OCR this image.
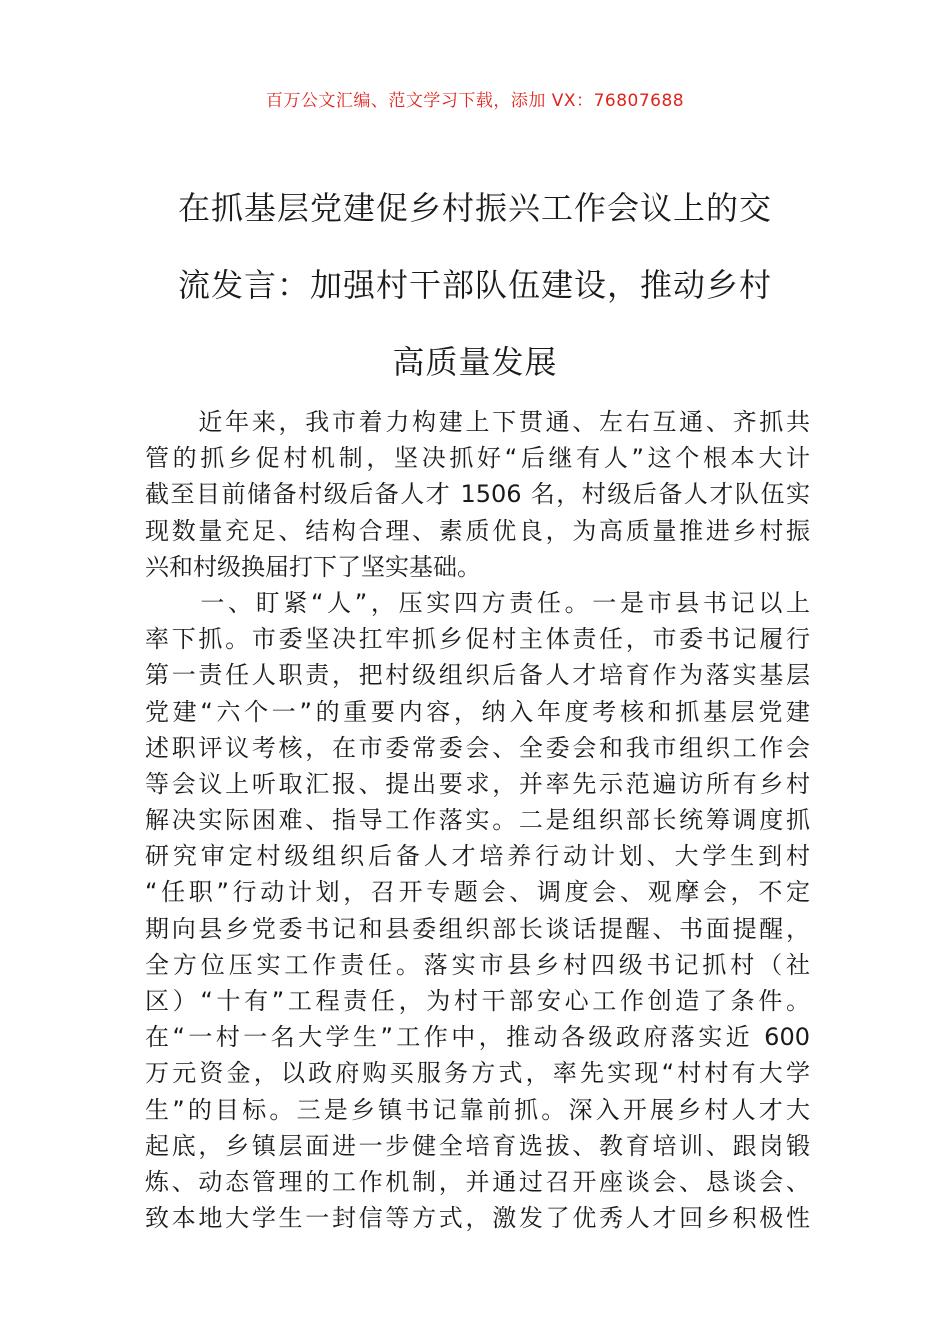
百万公文汇编、范文学习下载，添加 VX：76807688
在抓基层党建促乡村振兴工作会议上的交
流发言：加强村干部队伍建设，推动乡村
高质量发展
　　近年来，我市着力构建上下贯通、左右互通、齐抓共
管的抓乡促村机制，坚决抓好“后继有人”这个根本大计
截至目前储备村级后备人才 1506 名，村级后备人才队伍实
现数量充足、结构合理、素质优良，为高质量推进乡村振
兴和村级换届打下了坚实基础。
　　一、盯紧“人”，压实四方责任。一是市县书记以上
率下抓。市委坚决扛牢抓乡促村主体责任，市委书记履行
第一责任人职责，把村级组织后备人才培育作为落实基层
党建“六个一”的重要内容，纳入年度考核和抓基层党建
述职评议考核，在市委常委会、全委会和我市组织工作会
等会议上听取汇报、提出要求，并率先示范遍访所有乡村
解决实际困难、指导工作落实。二是组织部长统筹调度抓
研究审定村级组织后备人才培养行动计划、大学生到村
“任职”行动计划，召开专题会、调度会、观摩会，不定
期向县乡党委书记和县委组织部长谈话提醒、书面提醒，
全方位压实工作责任。落实市县乡村四级书记抓村（社
区）“十有”工程责任，为村干部安心工作创造了条件。
在“一村一名大学生”工作中，推动各级政府落实近 600
万元资金，以政府购买服务方式，率先实现“村村有大学
生”的目标。三是乡镇书记靠前抓。深入开展乡村人才大
起底，乡镇层面进一步健全培育选拔、教育培训、跟岗锻
炼、动态管理的工作机制，并通过召开座谈会、恳谈会、
致本地大学生一封信等方式，激发了优秀人才回乡积极性
